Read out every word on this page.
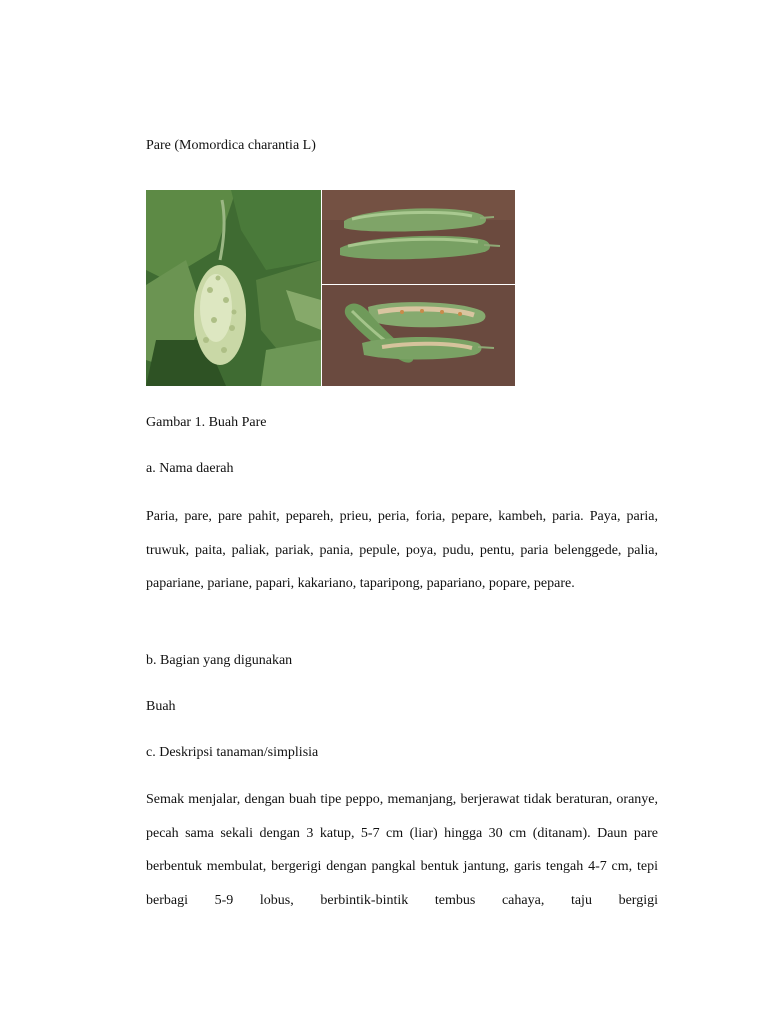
Pare (Momordica charantia L)
Gambar 1. Buah Pare
a. Nama daerah

Paria, pare, pare pahit, pepareh, prieu, peria, foria, pepare, kambeh, paria. Paya, paria, truwuk, paita, paliak, pariak, pania, pepule, poya, pudu, pentu, paria belenggede, palia, papariane, pariane, papari, kakariano, taparipong, papariano, popare, pepare.

b. Bagian yang digunakan
Buah
c. Deskripsi tanaman/simplisia

Semak menjalar, dengan buah tipe peppo, memanjang, berjerawat tidak beraturan, oranye, pecah sama sekali dengan 3 katup, 5-7 cm (liar) hingga 30 cm (ditanam). Daun pare berbentuk membulat, bergerigi dengan pangkal bentuk jantung, garis tengah 4-7 cm, tepi berbagi 5-9 lobus, berbintik-bintik tembus cahaya, taju bergigi
